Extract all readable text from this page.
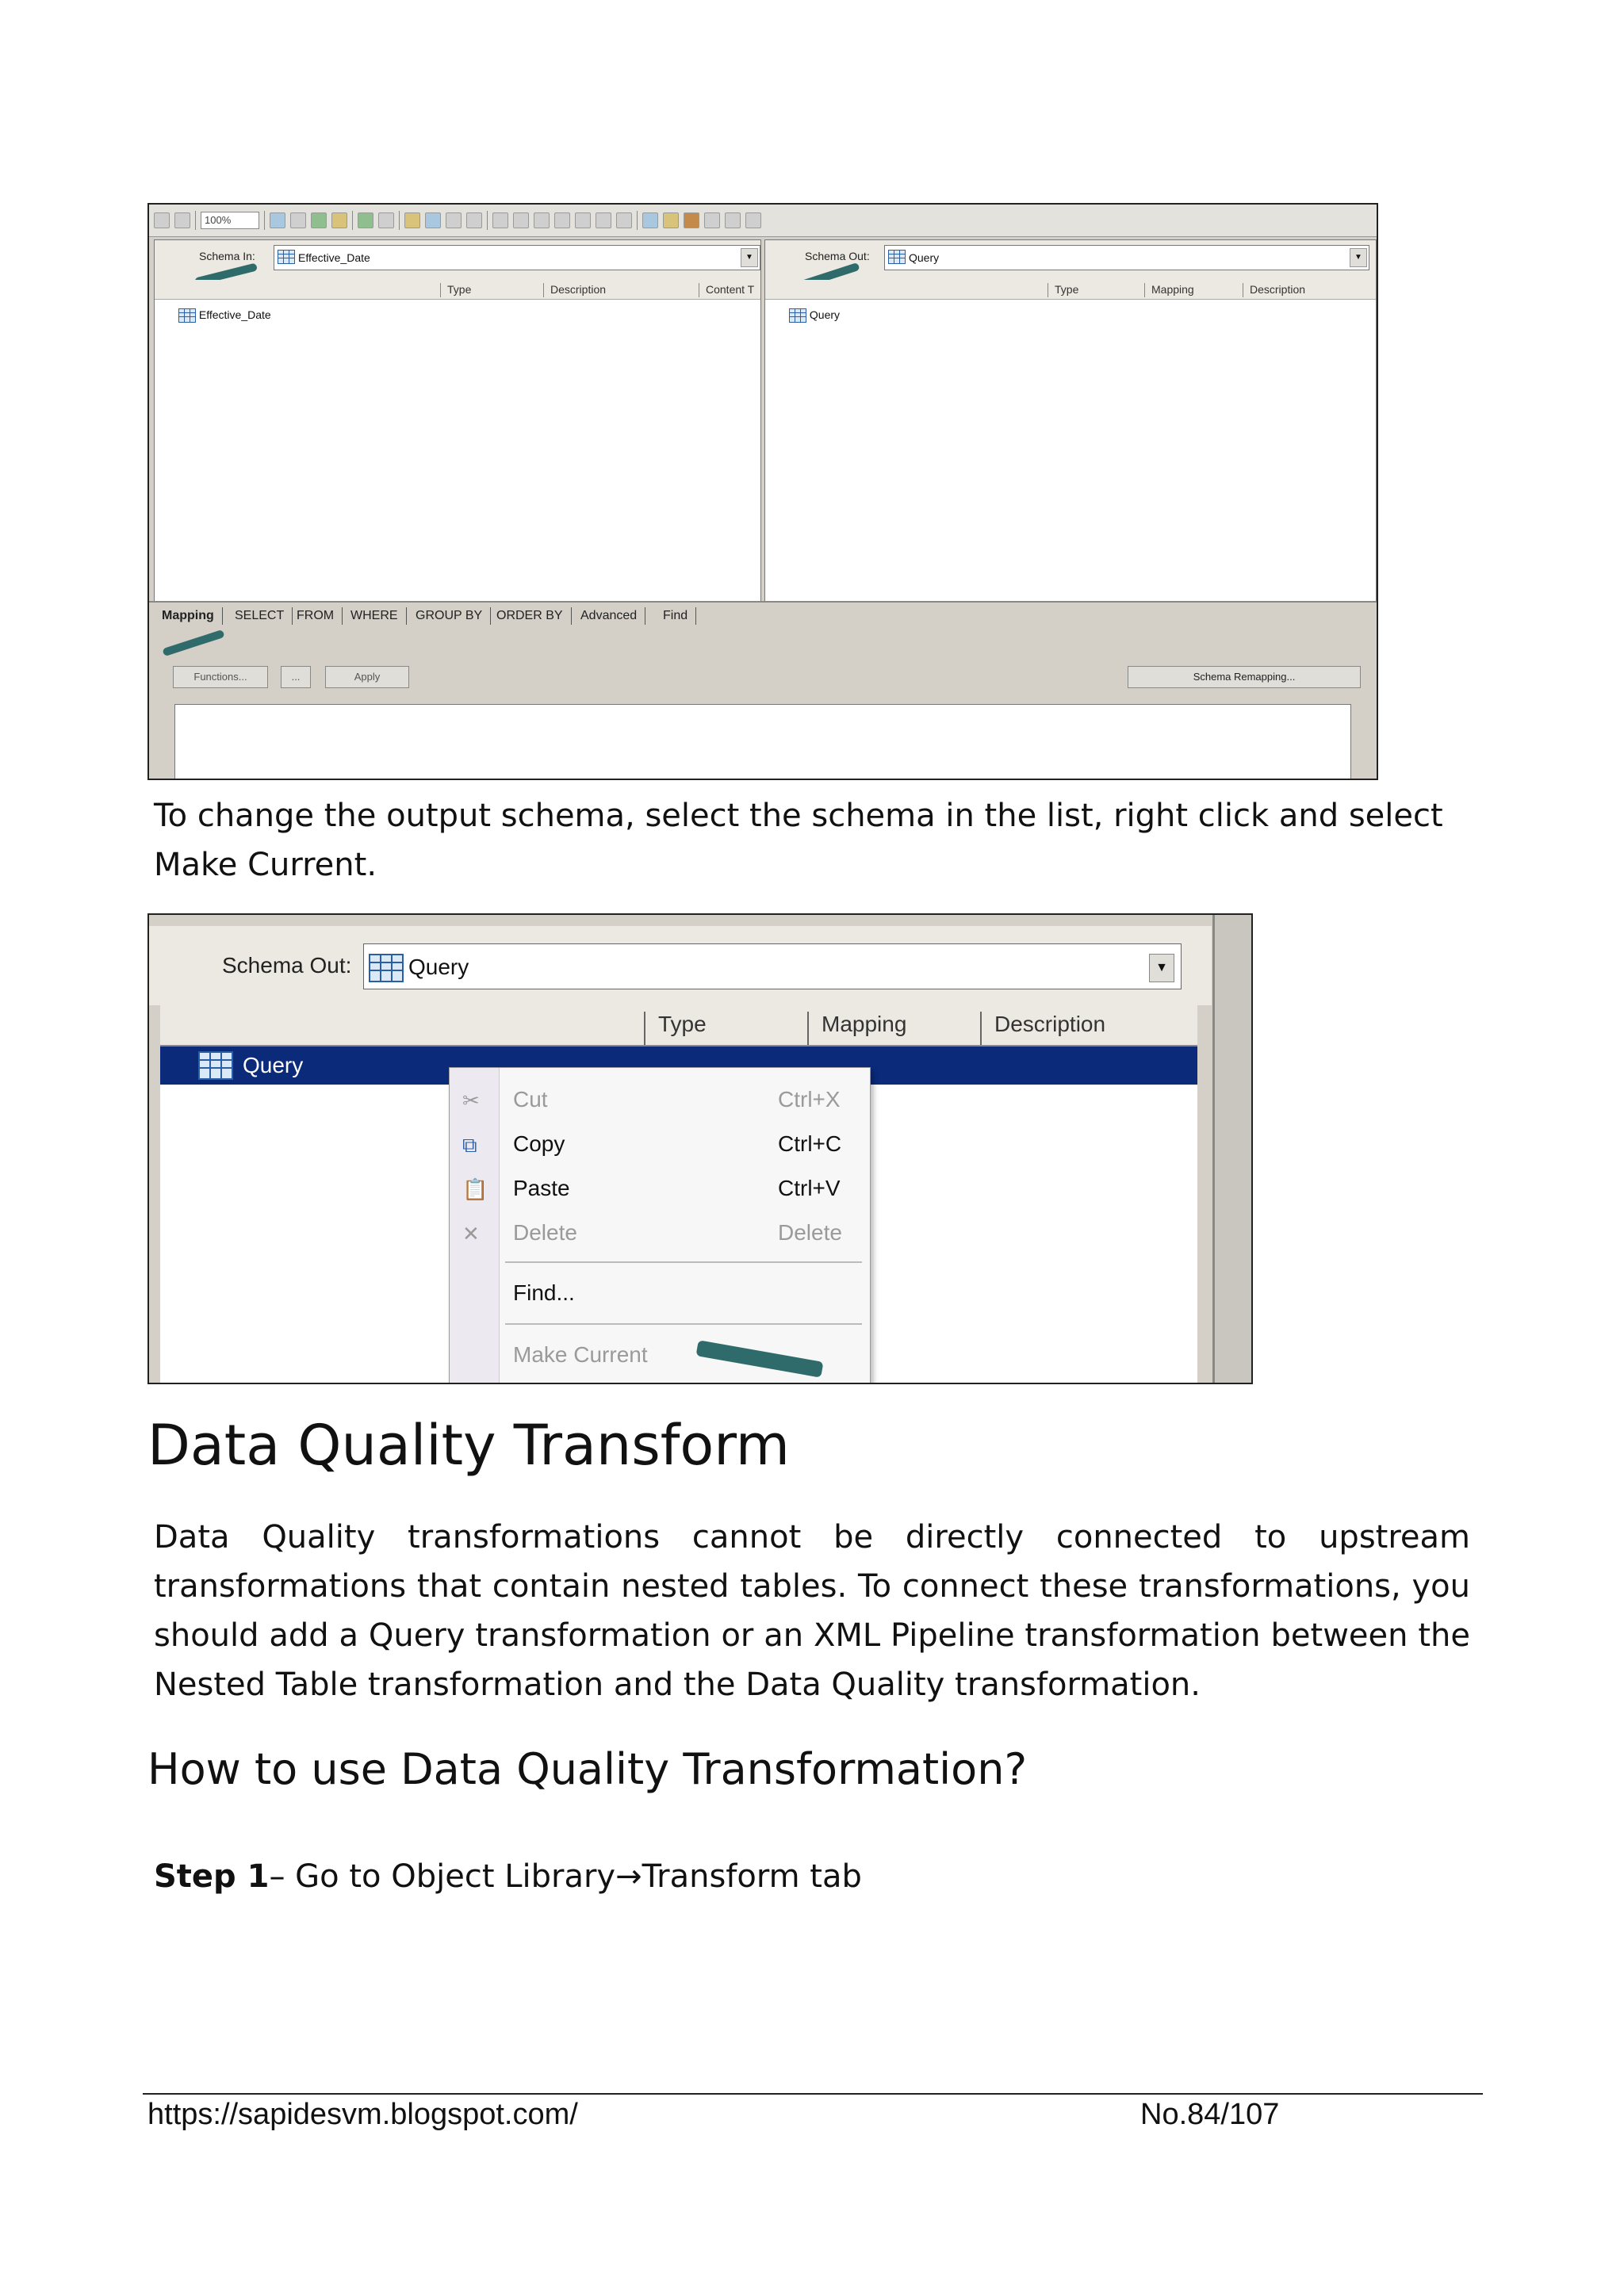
100%
Schema In:	Effective_Date	▼
Type	Description	Content T
Effective_Date
Schema Out:	Query	▼
Type	Mapping	Description
Query
Mapping	SELECT FROM	WHERE	GROUP BY	ORDER BY	Advanced	Find
Functions...	...	Apply	Schema Remapping...
To change the output schema, select the schema in the list, right click and select Make Current.
Schema Out:	Query	▼
Type	Mapping	Description
Query
✂ Cut	Ctrl+X
⧉ Copy	Ctrl+C
📋 Paste	Ctrl+V
✕ Delete	Delete
Find...
Make Current
Data Quality Transform
Data Quality transformations cannot be directly connected to upstream transformations that contain nested tables. To connect these transformations, you should add a Query transformation or an XML Pipeline transformation between the Nested Table transformation and the Data Quality transformation.
How to use Data Quality Transformation?
Step 1– Go to Object Library→Transform tab
https://sapidesvm.blogspot.com/	No.84/107
